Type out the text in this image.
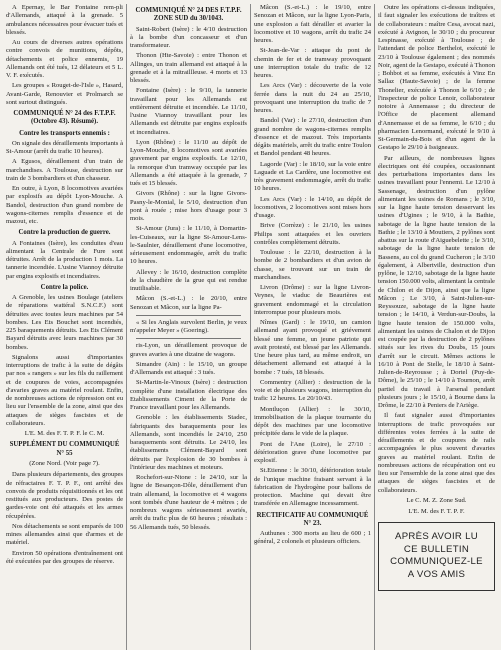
A Epernay, le Bar Fontaine rem-pli d'Allemands, attaqué à la grenade. 5 ambulances nécessaires pour évacuer tués et blessés.

Au cours de diverses autres opérations contre convois de munitions, dépôts, détachements et police ennemis, 19 Allemands ont été tués, 12 délateurs et 5 L. V. F. exécutés.

Les groupes « Rouget-de-l'Isle », Hasard, Avant-Garde, Renouvier et Prolmarch se sont surtout distingués.

COMMUNIQUÉ N° 24 des F.T.P.F. (Octobre 43). Résumé).

Contre les transports ennemis :

On signale des déraillements importants à St-Amour (arrêt du trafic 10 heures).

A Egusos, déraillement d'un train de marchandises. A Toulouse, destruction sur train de 3 bombardiers et d'un chasseur.

En outre, à Lyon, 8 locomotives avariées par explosifs au dépôt Lyon-Mouche. A Bandol, destruction d'un grand nombre de wagons-citernes remplis d'essence et de mazout, etc.

Contre la production de guerre.

A Fontaines (Isère), les conduites d'eau alimentant la Centrale de Fure sont détruites. Arrêt de la production 1 mois. La tannerie incendiée. L'usine Viannoy détruite par engins explosifs et incendiaires.

Contre la police.

A Grenoble, les usines Boulage (ateliers de réparations wattéral S.N.C.F.) sont détruites avec toutes leurs machines par 54 bombes. Les Ets Bouchet sont incendiés, 225 baraquements détruits. Les Ets Clément Bayard détruits avec leurs machines par 30 bombes.

Signalons aussi d'importantes interruptions de trafic à la suite de dégâts par nos « rangers » sur les fils du raillement et de coupures de voies, accompagnées d'avaries graves au matériel roulant. Enfin, de nombreuses actions de répression ont eu lieu sur l'ensemble de la zone, ainsi que des attaques de sièges fascistes et de collaborateurs.

L'E. M. des F. T. P. F. le C. M.

SUPPLÉMENT DU COMMUNIQUÉ N° 55

(Zone Nord. (Voir page 7).

Dans plusieurs départements, des groupes de réfractaires F. T. P. F., ont arrêté des convois de produits réquisitionnés et les ont restitués aux producteurs. Des postes de gardes-voie ont été attaqués et les armes récupérées.

Nos détachements se sont emparés de 100 mines allemandes ainsi que d'armes et de matériel.

Environ 50 opérations d'entraînement ont été exécutées par des groupes de réserve.

COMMUNIQUÉ N° 24 DES F.T.P.F. ZONE SUD du 30/1043.

Saint-Robert (Isère) : le 4/10 destruction à la bombe d'un concasseur et d'un transformateur.

Thonon (Hte-Savoie) : entre Thonon et Allinges, un train allemand est attaqué à la grenade et à la mitraillleuse. 4 morts et 13 blessés.

Fontaine (Isère) : le 9/10, la tannerie travaillant pour les Allemands est entièrement détruite et incendiée. Le 11/10, l'usine Viannoy travaillant pour les Allemands est détruite par engins explosifs et incendiaires.

Lyon (Rhône) : le 11/10 au dépôt de Lyon-Mouche, 8 locomotives sont avariées gravement par engins explosifs. Le 12/10, la remorque d'un tramway occupée par les Allemands a été attaquée à la grenade, 7 tués et 15 blessés.

Givors (Rhône) : sur la ligne Givors-Pasny-le-Monial, le 5/10, destruction d'un pont à rouée ; mise hors d'usage pour 3 mois.

St-Amour (Jura) : le 11/10, à Domartin-les-Cuiseaux, sur la ligne St-Amour-Lens-le-Saulnier, déraillement d'une locomotive, sérieusement endommagée, arrêt du trafic 10 heures.

Allevey : le 16/10, destruction complète de la chaudière de la grue qui est rendue inutilisable.

Mâcon (S.-et-L.) : le 20/10, entre Senozan et Mâcon, sur la ligne Pa-

« Si les Anglais survolent Berlin, je veux m'appeler Meyer » (Goering).

ris-Lyon, un déraillement provoque de graves avaries à une dizaine de wagons.

Simandre (Ain) : le 15/10, un groupe d'Allemands est attaqué : 3 tués.

St-Martin-le-Vinoux (Isère) : destruction complète d'une installation électrique des Etablissements Ciment de la Porte de France travaillant pour les Allemands.

Grenoble : les établissements Stadec, fabriquants des baraquements pour les Allemands, sont incendiés le 24/10, 250 baraquements sont détruits. Le 24/10, les établissements Clément-Bayard sont détruits par l'explosion de 30 bombes à l'intérieur des machines et moteurs.

Rochefort-sur-Ntone : le 24/10, sur la ligne de Besançon-Dôle, déraillement d'un train allemand, la locomotive et 4 wagons sont tombés d'une hauteur de 4 mètres ; de nombreux wagons sérieusement avariés, arrêt du trafic plus de 60 heures ; résultats : 56 Allemands tués, 50 blessés.

Mâcon (S.-et-L.) : le 19/10, entre Senozan et Mâcon, sur la ligne Lyon-Paris, une explosion a fait dérailler et avarier la locomotive et 10 wagons, arrêt du trafic 24 heures.

St-Jean-de-Var : attaque du pont de chemin de fer et de tramway provoquant une interruption totale du trafic de 12 heures.

Les Arcs (Var) : découverte de la voie ferrée dans la nuit du 24 au 25/10, provoquant une interruption du trafic de 7 heures.

Bandol (Var) : le 27/10, destruction d'un grand nombre de wagons-citernes remplis d'essence et de mazout. Très importants dégâts matériels, arrêt du trafic entre Toulon et Bandol pendant 48 heures.

Lagorde (Var) : le 18/10, sur la voie entre Laguade et La Cardère, une locomotive est très gravement endommagée, arrêt du trafic 10 heures.

Les Arcs (Var) : le 14/10, au dépôt de locomotives, 2 locomotives sont mises hors d'usage.

Brive (Corrèze) : le 21/10, les usines Philips sont attaquées et les ouvriers contrôles complètement détruits.

Toulouse : le 22/10, destruction à la bombe de 2 bombardiers et d'un avion de chasse, se trouvant sur un train de marchandises.

Livron (Drôme) : sur la ligne Livron-Veynes, le viaduc de Beaurières est gravement endommagé et la circulation interrompue pour plusieurs mois.

Nîmes (Gard) : le 19/10, un camion allemand ayant provoqué et griévement blessé une femme, un jeune patriote qui avait protesté, est blessé par les Allemands. Une heure plus tard, au même endroit, un détachement allemand est attaqué à la bombe : 7 tués, 18 blessés.

Commentry (Allier) : destruction de la voie et de plusieurs wagons, interruption du trafic 12 heures. Le 20/10/43.

Montluçon (Allier) : le 30/10, immobilisation de la plaque tournante du dépôt des machines par une locomotive précipitée dans le vide de la plaque.

Pont de l'Ane (Loire), le 27/10 : détérioration grave d'une locomotive par explosif.

St.Etienne : le 30/10, détérioration totale de l'unique machine fraisant servant à la fabrication de l'hydrogène pour ballons de protection. Machine qui devait être transférée en Allemagne incessamment.

RECTIFICATIF AU COMMUNIQUÉ N° 23.

Authunes : 300 morts au lieu de 600 ; 1 général, 2 colonels et plusieurs officiers.

Outre les opérations ci-dessus indiquées, il faut signaler les exécutions de traîtres et de collaborateurs : maître Cesa, avocat nazi, exécuté à Avignon, le 30/10 ; du procureur Lespinasse, exécuté à Toulouse ; de l'attendant de police Berthelot, exécuté le 23/10 à Toulouse également ; des nommés Noir, agent de la Gestapo, exécuté à Thonon ; Bohbot et sa femme, exécutés à Vinz En Sallaz (Haute-Savoie) ; de la femme Thonelier, exécutée à Thonon le 6/10 ; de l'inspecteur de police Lenoir, collaborateur notoire à Annemasse ; du directeur de l'Office de placement allemand d'Annemasse et de sa femme, le 6/10 ; du pharmacien Lenormand, exécuté le 9/10 à St-Germain-du-Bois et d'un agent de la Gestapo le 29/10 à Issigneaux.

Par ailleurs, de nombreuses lignes électriques ont été coupées, occasionnant des perturbations importantes dans les usines travaillant pour l'ennemi. Le 12/10 à Sassenage, destruction d'un pylône alimentant les usines de Romans ; le 3/10, sur la ligne haute tension desservant les usines d'Ugines ; le 9/10, à la Bathie, sabotage de la ligne haute tension de la Bathie ; le 13/10 à Moutiers, 2 pylônes sont abattus sur la route d'Aiguebelette ; le 3/10, sabotage de la ligne haute tension de Bassens, au col du grand Cucheron ; le 3/10 également, à Albertville, destruction d'un pylône, le 12/10, sabotage de la ligne haute tension 150.000 volts, alimentant la centrale de Chilon et de Dijon, ainsi que la ligne Mâcon ; Le 3/10, à Saint-Julien-sur-Reyssouze, sabotage de la ligne haute tension ; le 14/10, à Verdun-sur-Doubs, la ligne haute tension de 150.000 volts, alimentant les usines de Chalon et de Dijon est coupée par la destruction de 2 pylônes situés sur les rives du Doubs, 15 jours d'arrêt sur le circuit. Mêmes actions le 16/10 à Pont de Stelle, le 18/10 à Saint-Julien-de-Reyrousse ; à Dortel (Puy-de-Dôme), le 25/10 ; le 14/10 à Tournon, arrêt partiel du travail à l'arsenal pendant plusieurs jours ; le 15/10, à Bourne dans la Drôme, le 22/10 à Peniers de l'Ariège.

Il faut signaler aussi d'importantes interruptions de trafic provoquées sur différentes voies ferrées à la suite de déraillements et de coupures de rails accompagnées le plus souvent d'avaries graves au matériel roulant. Enfin de nombreuses actions de récupération ont eu lieu sur l'ensemble de la zone ainsi que des attaques de sièges fascistes et de collaborateurs.

Le C. M. Z. Zone Sud.

L'E. M. des F. T. P. F.

APRÈS AVOIR LU
CE BULLETIN
COMMUNIQUEZ-LE
A VOS AMIS
